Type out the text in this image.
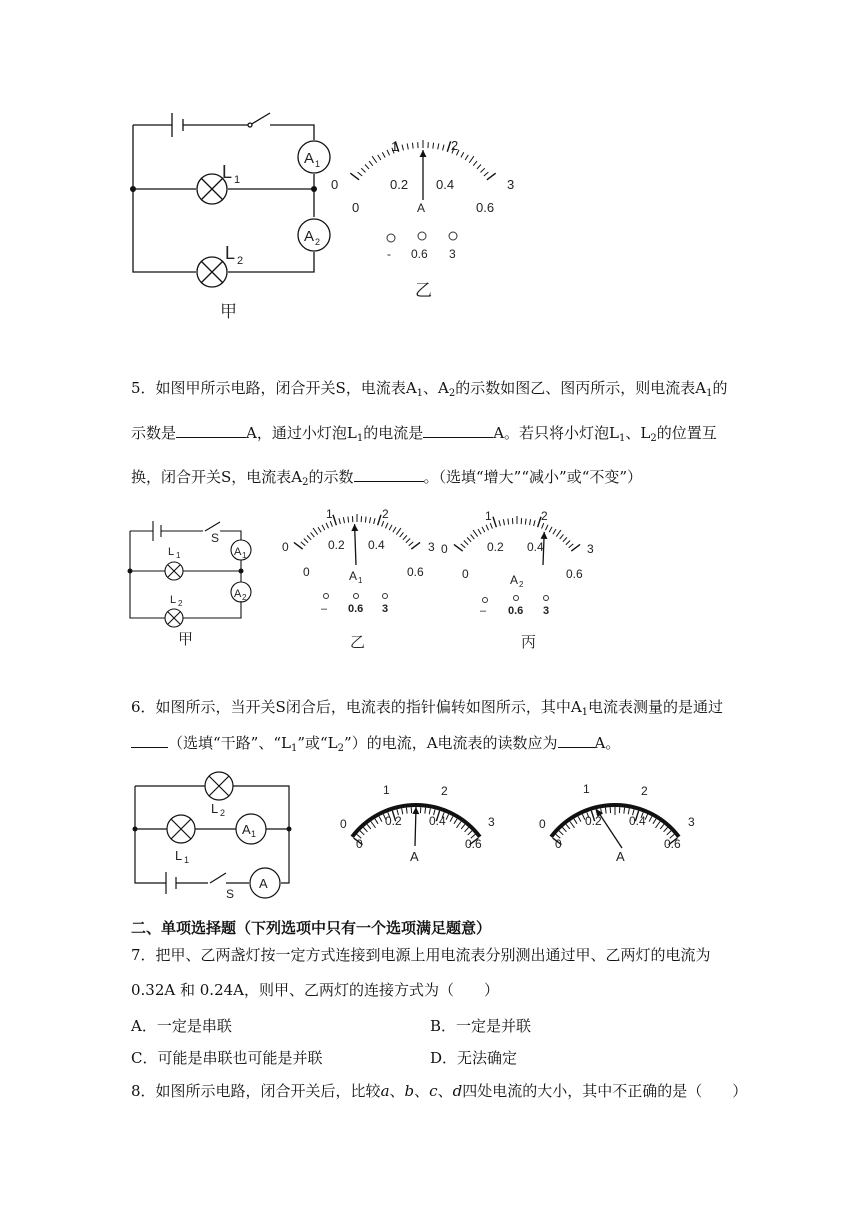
L 1
L 2
A 1
A 2
甲
1	2
0	3
0
0.2 0.4
0.6
A
- 0.6 3
乙
5．如图甲所示电路，闭合开关S，电流表$A_1$、$A_2$的示数如图乙、图丙所示，则电流表$A_1$的
示数是	A，通过小灯泡$L_1$的电流是	A。若只将小灯泡$L_1$、$L_2$的位置互
换，闭合开关S，电流表$A_2$的示数	。（选填“增大”“减小”或“不变”）
S
L 1
L 2
A 1
A 2
甲
1	2
0	3
0
0.2 0.4
0.6
A 1
– 0.6 3
乙
1	2
0	3
0
0.2 0.4
0.6
A 2
– 0.6 3
丙
6．如图所示，当开关S闭合后，电流表的指针偏转如图所示，其中$A_1$电流表测量的是通过
（选填“干路”、“$L_1$”或“$L_2$”）的电流，A电流表的读数应为 A。
L 2
L 1
A 1
A
S
1	2
0	3
0
0.2 0.4
0.6
A
1	2
0	3
0
0.2 0.4
0.6
A
二、单项选择题（下列选项中只有一个选项满足题意）
7．把甲、乙两盏灯按一定方式连接到电源上用电流表分别测出通过甲、乙两灯的电流为
0.32A 和 0.24A，则甲、乙两灯的连接方式为（　　）
A．一定是串联	B．一定是并联
C．可能是串联也可能是并联	D．无法确定
8．如图所示电路，闭合开关后，比较a、b、c、d四处电流的大小，其中不正确的是（　　）
